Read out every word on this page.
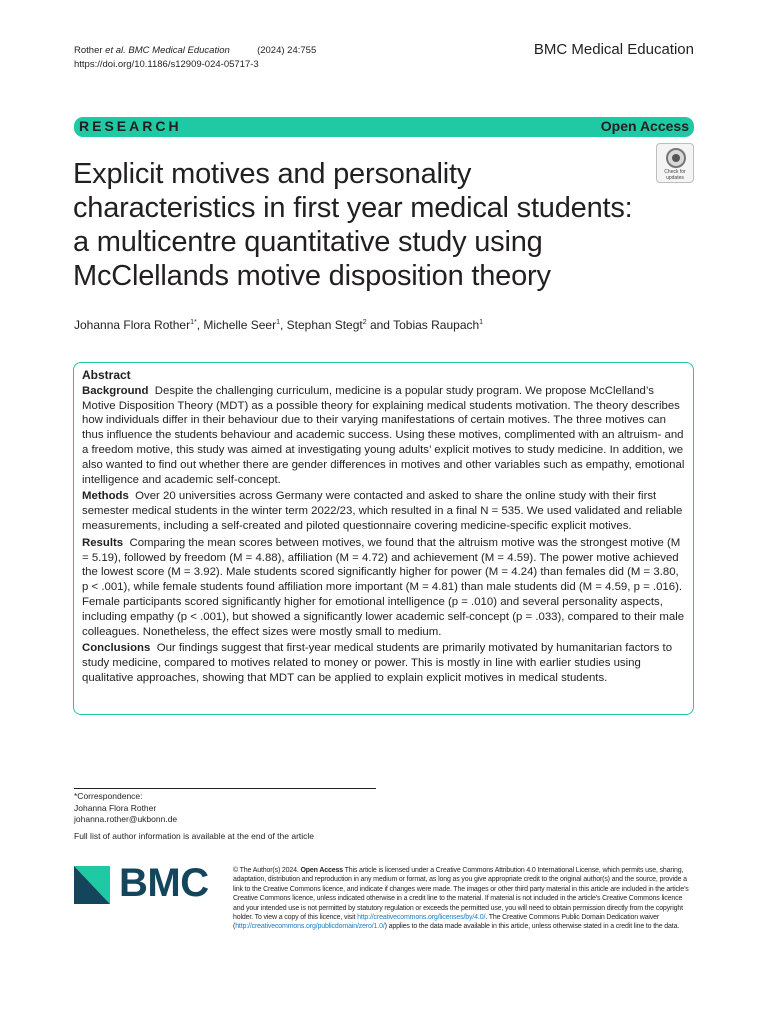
Rother et al. BMC Medical Education	(2024) 24:755
https://doi.org/10.1186/s12909-024-05717-3
BMC Medical Education
RESEARCH	Open Access
Explicit motives and personality characteristics in first year medical students: a multicentre quantitative study using McClellands motive disposition theory
Check for
updates
Johanna Flora Rother$^{1*}$, Michelle Seer$^1$, Stephan Stegt$^2$ and Tobias Raupach$^1$
Abstract

Background Despite the challenging curriculum, medicine is a popular study program. We propose McClelland’s Motive Disposition Theory (MDT) as a possible theory for explaining medical students motivation. The theory describes how individuals differ in their behaviour due to their varying manifestations of certain motives. The three motives can thus influence the students behaviour and academic success. Using these motives, complimented with an altruism- and a freedom motive, this study was aimed at investigating young adults’ explicit motives to study medicine. In addition, we also wanted to find out whether there are gender differences in motives and other variables such as empathy, emotional intelligence and academic self-concept.

Methods Over 20 universities across Germany were contacted and asked to share the online study with their first semester medical students in the winter term 2022/23, which resulted in a final N = 535. We used validated and reliable measurements, including a self-created and piloted questionnaire covering medicine-specific explicit motives.

Results Comparing the mean scores between motives, we found that the altruism motive was the strongest motive (M = 5.19), followed by freedom (M = 4.88), affiliation (M = 4.72) and achievement (M = 4.59). The power motive achieved the lowest score (M = 3.92). Male students scored significantly higher for power (M = 4.24) than females did (M = 3.80, p < .001), while female students found affiliation more important (M = 4.81) than male students did (M = 4.59, p = .016). Female participants scored significantly higher for emotional intelligence (p = .010) and several personality aspects, including empathy (p < .001), but showed a significantly lower academic self-concept (p = .033), compared to their male colleagues. Nonetheless, the effect sizes were mostly small to medium.

Conclusions Our findings suggest that first-year medical students are primarily motivated by humanitarian factors to study medicine, compared to motives related to money or power. This is mostly in line with earlier studies using qualitative approaches, showing that MDT can be applied to explain explicit motives in medical students.

*Correspondence:
Johanna Flora Rother
johanna.rother@ukbonn.de
Full list of author information is available at the end of the article
BMC	© The Author(s) 2024. Open Access This article is licensed under a Creative Commons Attribution 4.0 International License, which permits use, sharing, adaptation, distribution and reproduction in any medium or format, as long as you give appropriate credit to the original author(s) and the source, provide a link to the Creative Commons licence, and indicate if changes were made. The images or other third party material in this article are included in the article’s Creative Commons licence, unless indicated otherwise in a credit line to the material. If material is not included in the article’s Creative Commons licence and your intended use is not permitted by statutory regulation or exceeds the permitted use, you will need to obtain permission directly from the copyright holder. To view a copy of this licence, visit http://creativecommons.org/licenses/by/4.0/. The Creative Commons Public Domain Dedication waiver (http://creativecommons.org/publicdomain/zero/1.0/) applies to the data made available in this article, unless otherwise stated in a credit line to the data.
